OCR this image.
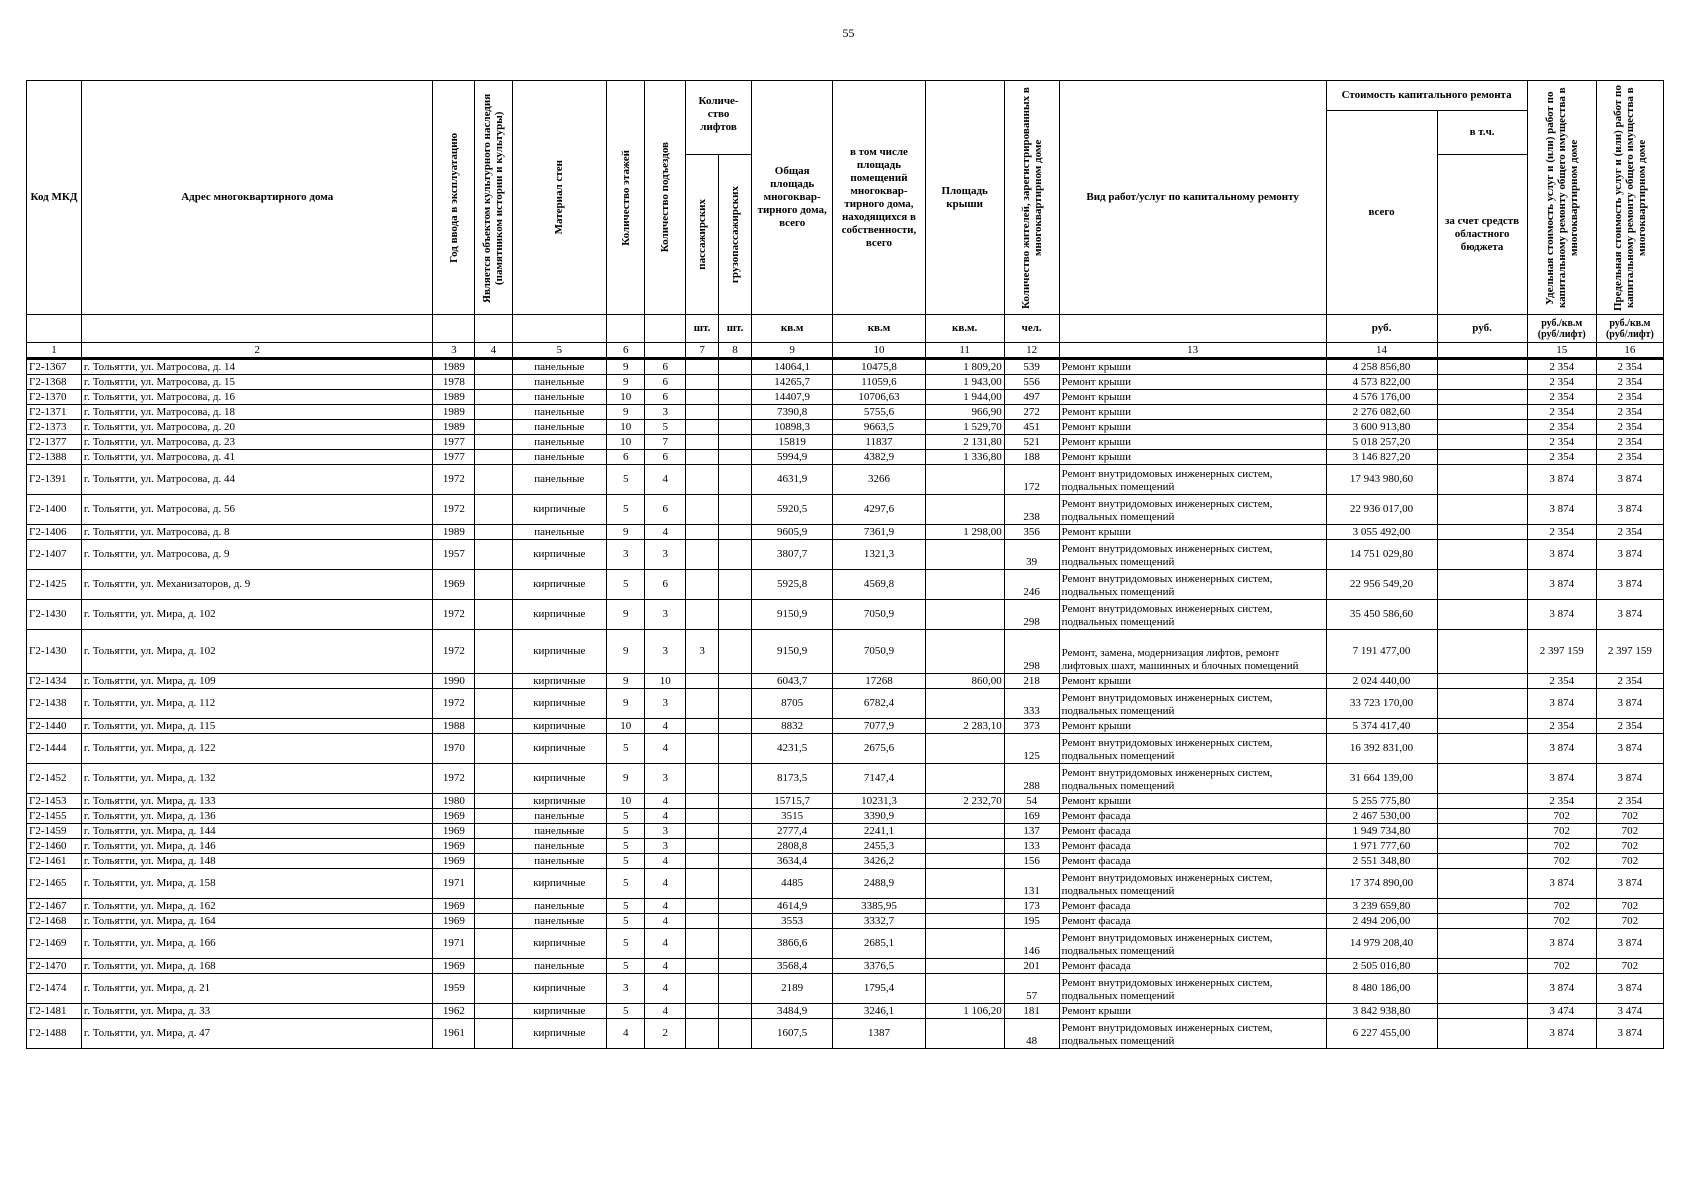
55
Код МКД	Адрес многоквартирного дома	Год ввода в эксплуатацию	Является объектом культурного наследия (памятником истории и культуры)	Материал стен	Количество этажей	Количество подъездов	Количе-ство лифтов		Общая площадь многоквар-тирного дома, всего	в том числе площадь помещений многоквар-тирного дома, находящихся в собственности, всего	Площадь крыши	Количество жителей, зарегистрированных в многоквартирном доме	Вид работ/услуг по капитальному ремонту	Стоимость капитального ремонта		Удельная стоимость услуг и (или) работ по капитальному ремонту общего имущества в многоквартирном доме	Предельная стоимость услуг и (или) работ по капитальному ремонту общего имущества в многоквартирном доме

														всего	в т.ч.		

							пассажирских	грузопассажирских							за счет средств областного бюджета		
							шт.	шт.	кв.м	кв.м	кв.м.	чел.		руб.	руб.	руб./кв.м (руб/лифт)	руб./кв.м (руб/лифт)
1	2	3	4	5	6		7	8	9	10	11	12	13	14		15	16
Г2-1367	г. Тольятти, ул. Матросова, д. 14	1989		панельные	9	6			14064,1	10475,8	1 809,20	539	Ремонт крыши	4 258 856,80		2 354	2 354
Г2-1368	г. Тольятти, ул. Матросова, д. 15	1978		панельные	9	6			14265,7	11059,6	1 943,00	556	Ремонт крыши	4 573 822,00		2 354	2 354
Г2-1370	г. Тольятти, ул. Матросова, д. 16	1989		панельные	10	6			14407,9	10706,63	1 944,00	497	Ремонт крыши	4 576 176,00		2 354	2 354
Г2-1371	г. Тольятти, ул. Матросова, д. 18	1989		панельные	9	3			7390,8	5755,6	966,90	272	Ремонт крыши	2 276 082,60		2 354	2 354
Г2-1373	г. Тольятти, ул. Матросова, д. 20	1989		панельные	10	5			10898,3	9663,5	1 529,70	451	Ремонт крыши	3 600 913,80		2 354	2 354
Г2-1377	г. Тольятти, ул. Матросова, д. 23	1977		панельные	10	7			15819	11837	2 131,80	521	Ремонт крыши	5 018 257,20		2 354	2 354
Г2-1388	г. Тольятти, ул. Матросова, д. 41	1977		панельные	6	6			5994,9	4382,9	1 336,80	188	Ремонт крыши	3 146 827,20		2 354	2 354
Г2-1391	г. Тольятти, ул. Матросова, д. 44	1972		панельные	5	4			4631,9	3266		172	Ремонт внутридомовых инженерных систем, подвальных помещений	17 943 980,60		3 874	3 874
Г2-1400	г. Тольятти, ул. Матросова, д. 56	1972		кирпичные	5	6			5920,5	4297,6		238	Ремонт внутридомовых инженерных систем, подвальных помещений	22 936 017,00		3 874	3 874
Г2-1406	г. Тольятти, ул. Матросова, д. 8	1989		панельные	9	4			9605,9	7361,9	1 298,00	356	Ремонт крыши	3 055 492,00		2 354	2 354
Г2-1407	г. Тольятти, ул. Матросова, д. 9	1957		кирпичные	3	3			3807,7	1321,3		39	Ремонт внутридомовых инженерных систем, подвальных помещений	14 751 029,80		3 874	3 874
Г2-1425	г. Тольятти, ул. Механизаторов, д. 9	1969		кирпичные	5	6			5925,8	4569,8		246	Ремонт внутридомовых инженерных систем, подвальных помещений	22 956 549,20		3 874	3 874
Г2-1430	г. Тольятти, ул. Мира, д. 102	1972		кирпичные	9	3			9150,9	7050,9		298	Ремонт внутридомовых инженерных систем, подвальных помещений	35 450 586,60		3 874	3 874
Г2-1430	г. Тольятти, ул. Мира, д. 102	1972		кирпичные	9	3	3		9150,9	7050,9		298	Ремонт, замена, модернизация лифтов, ремонт лифтовых шахт, машинных и блочных помещений	7 191 477,00		2 397 159	2 397 159
Г2-1434	г. Тольятти, ул. Мира, д. 109	1990		кирпичные	9	10			6043,7	17268	860,00	218	Ремонт крыши	2 024 440,00		2 354	2 354
Г2-1438	г. Тольятти, ул. Мира, д. 112	1972		кирпичные	9	3			8705	6782,4		333	Ремонт внутридомовых инженерных систем, подвальных помещений	33 723 170,00		3 874	3 874
Г2-1440	г. Тольятти, ул. Мира, д. 115	1988		кирпичные	10	4			8832	7077,9	2 283,10	373	Ремонт крыши	5 374 417,40		2 354	2 354
Г2-1444	г. Тольятти, ул. Мира, д. 122	1970		кирпичные	5	4			4231,5	2675,6		125	Ремонт внутридомовых инженерных систем, подвальных помещений	16 392 831,00		3 874	3 874
Г2-1452	г. Тольятти, ул. Мира, д. 132	1972		кирпичные	9	3			8173,5	7147,4		288	Ремонт внутридомовых инженерных систем, подвальных помещений	31 664 139,00		3 874	3 874
Г2-1453	г. Тольятти, ул. Мира, д. 133	1980		кирпичные	10	4			15715,7	10231,3	2 232,70	54	Ремонт крыши	5 255 775,80		2 354	2 354
Г2-1455	г. Тольятти, ул. Мира, д. 136	1969		панельные	5	4			3515	3390,9		169	Ремонт фасада	2 467 530,00		702	702
Г2-1459	г. Тольятти, ул. Мира, д. 144	1969		панельные	5	3			2777,4	2241,1		137	Ремонт фасада	1 949 734,80		702	702
Г2-1460	г. Тольятти, ул. Мира, д. 146	1969		панельные	5	3			2808,8	2455,3		133	Ремонт фасада	1 971 777,60		702	702
Г2-1461	г. Тольятти, ул. Мира, д. 148	1969		панельные	5	4			3634,4	3426,2		156	Ремонт фасада	2 551 348,80		702	702
Г2-1465	г. Тольятти, ул. Мира, д. 158	1971		кирпичные	5	4			4485	2488,9		131	Ремонт внутридомовых инженерных систем, подвальных помещений	17 374 890,00		3 874	3 874
Г2-1467	г. Тольятти, ул. Мира, д. 162	1969		панельные	5	4			4614,9	3385,95		173	Ремонт фасада	3 239 659,80		702	702
Г2-1468	г. Тольятти, ул. Мира, д. 164	1969		панельные	5	4			3553	3332,7		195	Ремонт фасада	2 494 206,00		702	702
Г2-1469	г. Тольятти, ул. Мира, д. 166	1971		кирпичные	5	4			3866,6	2685,1		146	Ремонт внутридомовых инженерных систем, подвальных помещений	14 979 208,40		3 874	3 874
Г2-1470	г. Тольятти, ул. Мира, д. 168	1969		панельные	5	4			3568,4	3376,5		201	Ремонт фасада	2 505 016,80		702	702
Г2-1474	г. Тольятти, ул. Мира, д. 21	1959		кирпичные	3	4			2189	1795,4		57	Ремонт внутридомовых инженерных систем, подвальных помещений	8 480 186,00		3 874	3 874
Г2-1481	г. Тольятти, ул. Мира, д. 33	1962		кирпичные	5	4			3484,9	3246,1	1 106,20	181	Ремонт крыши	3 842 938,80		3 474	3 474
Г2-1488	г. Тольятти, ул. Мира, д. 47	1961		кирпичные	4	2			1607,5	1387		48	Ремонт внутридомовых инженерных систем, подвальных помещений	6 227 455,00		3 874	3 874
